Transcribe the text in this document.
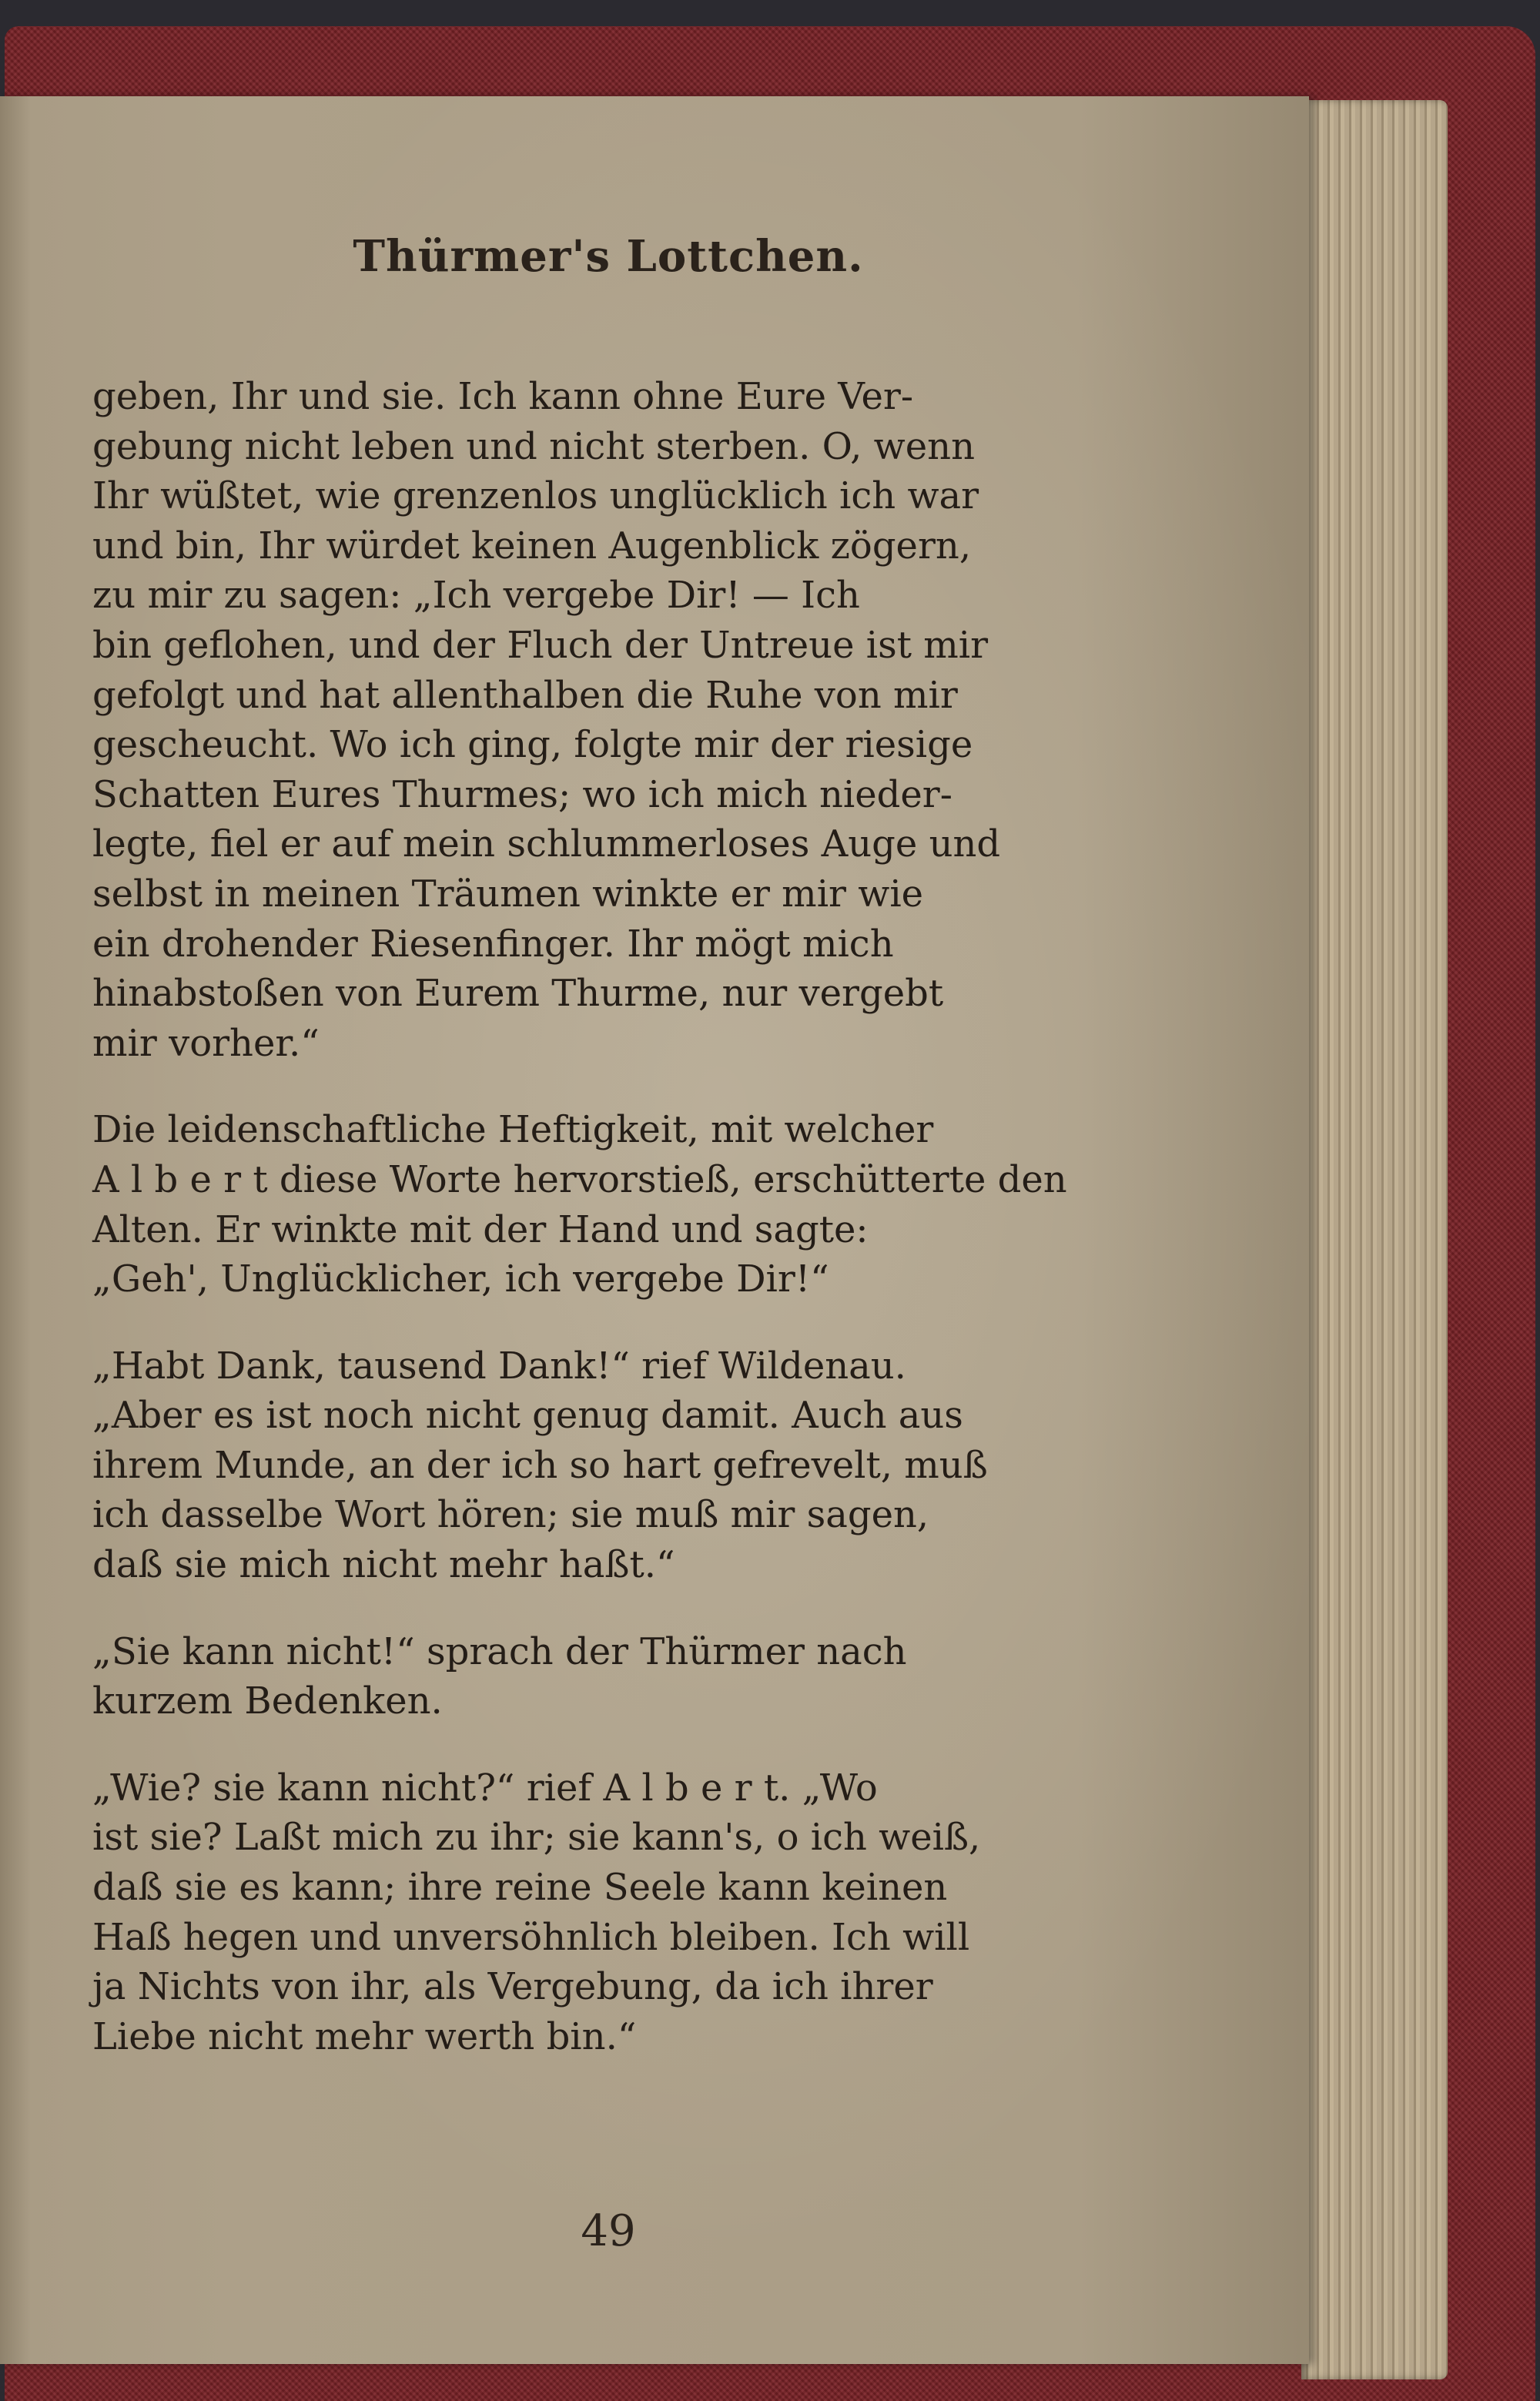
Thürmer's Lottchen.

geben, Ihr und sie. Ich kann ohne Eure Ver-
gebung nicht leben und nicht sterben. O, wenn
Ihr wüßtet, wie grenzenlos unglücklich ich war
und bin, Ihr würdet keinen Augenblick zögern,
zu mir zu sagen: „Ich vergebe Dir! — Ich
bin geflohen, und der Fluch der Untreue ist mir
gefolgt und hat allenthalben die Ruhe von mir
gescheucht. Wo ich ging, folgte mir der riesige
Schatten Eures Thurmes; wo ich mich nieder-
legte, fiel er auf mein schlummerloses Auge und
selbst in meinen Träumen winkte er mir wie
ein drohender Riesenfinger. Ihr mögt mich
hinabstoßen von Eurem Thurme, nur vergebt
mir vorher.“

Die leidenschaftliche Heftigkeit, mit welcher
A l b e r t diese Worte hervorstieß, erschütterte den
Alten. Er winkte mit der Hand und sagte:
„Geh', Unglücklicher, ich vergebe Dir!“

„Habt Dank, tausend Dank!“ rief Wildenau.
„Aber es ist noch nicht genug damit. Auch aus
ihrem Munde, an der ich so hart gefrevelt, muß
ich dasselbe Wort hören; sie muß mir sagen,
daß sie mich nicht mehr haßt.“

„Sie kann nicht!“ sprach der Thürmer nach
kurzem Bedenken.

„Wie? sie kann nicht?“ rief A l b e r t. „Wo
ist sie? Laßt mich zu ihr; sie kann's, o ich weiß,
daß sie es kann; ihre reine Seele kann keinen
Haß hegen und unversöhnlich bleiben. Ich will
ja Nichts von ihr, als Vergebung, da ich ihrer
Liebe nicht mehr werth bin.“

49
